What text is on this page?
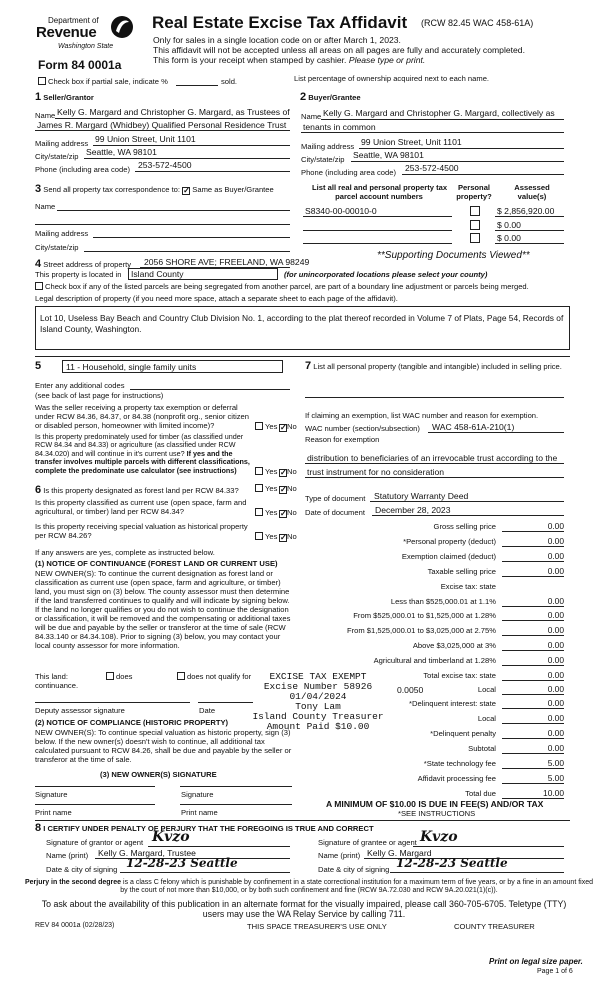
Department of
Revenue
Washington State
Form 84 0001a
Real Estate Excise Tax Affidavit (RCW 82.45 WAC 458-61A)
Only for sales in a single location code on or after March 1, 2023.
This affidavit will not be accepted unless all areas on all pages are fully and accurately completed.
This form is your receipt when stamped by cashier. Please type or print.
Check box if partial sale, indicate %	sold.	List percentage of ownership acquired next to each name.
1 Seller/Grantor
Name Kelly G. Margard and Christopher G. Margard, as Trustees of
James R. Margard (Whidbey) Qualified Personal Residence Trust
Mailing address 99 Union Street, Unit 1101
City/state/zip Seattle, WA 98101
Phone (including area code) 253-572-4500
2 Buyer/Grantee
Name Kelly G. Margard and Christopher G. Margard, collectively as
tenants in common
Mailing address 99 Union Street, Unit 1101
City/state/zip Seattle, WA 98101
Phone (including area code) 253-572-4500
3 Send all property tax correspondence to: ✓ Same as Buyer/Grantee
Name
Mailing address
City/state/zip
List all real and personal property tax
parcel account numbers
Personal
property?
Assessed
value(s)
S8340-00-00010-0	$ 2,856,920.00
$ 0.00
$ 0.00
**Supporting Documents Viewed**
4 Street address of property 2056 SHORE AVE; FREELAND, WA 98249
This property is located in	Island County	(for unincorporated locations please select your county)
Check box if any of the listed parcels are being segregated from another parcel, are part of a boundary line adjustment or parcels being merged.
Legal description of property (if you need more space, attach a separate sheet to each page of the affidavit).
Lot 10, Useless Bay Beach and Country Club Division No. 1, according to the plat thereof recorded in Volume 7 of Plats, Page 54, Records of Island County, Washington.
5	11 - Household, single family units
Enter any additional codes
(see back of last page for instructions)
Was the seller receiving a property tax exemption or deferral under RCW 84.36, 84.37, or 84.38 (nonprofit org., senior citizen or disabled person, homeowner with limited income)?	Yes ✓No
Is this property predominately used for timber (as classified under RCW 84.34 and 84.33) or agriculture (as classified under RCW 84.34.020) and will continue in it's current use? If yes and the transfer involves multiple parcels with different classifications, complete the predominate use calculator (see instructions)	Yes ✓No
6 Is this property designated as forest land per RCW 84.33?	Yes ✓No
Is this property classified as current use (open space, farm and agricultural, or timber) land per RCW 84.34?	Yes ✓No
Is this property receiving special valuation as historical property per RCW 84.26?	Yes ✓No
If any answers are yes, complete as instructed below.
(1) NOTICE OF CONTINUANCE (FOREST LAND OR CURRENT USE)
NEW OWNER(S): To continue the current designation as forest land or classification as current use (open space, farm and agriculture, or timber) land, you must sign on (3) below. The county assessor must then determine if the land transferred continues to qualify and will indicate by signing below. If the land no longer qualifies or you do not wish to continue the designation or classification, it will be removed and the compensating or additional taxes will be due and payable by the seller or transferor at the time of sale (RCW 84.33.140 or 84.34.108). Prior to signing (3) below, you may contact your local county assessor for more information.
This land:	does	does not qualify for
continuance.
Deputy assessor signature	Date
(2) NOTICE OF COMPLIANCE (HISTORIC PROPERTY)
NEW OWNER(S): To continue special valuation as historic property, sign (3) below. If the new owner(s) doesn't wish to continue, all additional tax calculated pursuant to RCW 84.26, shall be due and payable by the seller or transferor at the time of sale.
(3) NEW OWNER(S) SIGNATURE
Signature	Signature
Print name	Print name
7 List all personal property (tangible and intangible) included in selling price.
If claiming an exemption, list WAC number and reason for exemption.
WAC number (section/subsection) WAC 458-61A-210(1)
Reason for exemption
distribution to beneficiaries of an irrevocable trust according to the trust instrument for no consideration
Type of document Statutory Warranty Deed
Date of document December 28, 2023
Gross selling price	0.00
*Personal property (deduct)	0.00
Exemption claimed (deduct)	0.00
Taxable selling price	0.00
Excise tax: state
Less than $525,000.01 at 1.1%	0.00
From $525,000.01 to $1,525,000 at 1.28%	0.00
From $1,525,000.01 to $3,025,000 at 2.75%	0.00
Above $3,025,000 at 3%	0.00
Agricultural and timberland at 1.28%	0.00
Total excise tax: state	0.00
Local	0.00
*Delinquent interest: state	0.00
Local	0.00
*Delinquent penalty	0.00
Subtotal	0.00
*State technology fee	5.00
Affidavit processing fee	5.00
Total due	10.00
0.0050
A MINIMUM OF $10.00 IS DUE IN FEE(S) AND/OR TAX
*SEE INSTRUCTIONS
EXCISE TAX EXEMPT
Excise Number 58926
01/04/2024
Tony Lam
Island County Treasurer
Amount Paid $10.00
8 I CERTIFY UNDER PENALTY OF PERJURY THAT THE FOREGOING IS TRUE AND CORRECT
Signature of grantor or agent Kvzo
Name (print) Kelly G. Margard, Trustee
Date & city of signing 12-28-23 Seattle
Signature of grantee or agent Kvzo
Name (print) Kelly G. Margard
Date & city of signing 12-28-23 Seattle
Perjury in the second degree is a class C felony which is punishable by confinement in a state correctional institution for a maximum term of five years, or by a fine in an amount fixed by the court of not more than $10,000, or by both such confinement and fine (RCW 9A.72.030 and RCW 9A.20.021(1)(c)).
To ask about the availability of this publication in an alternate format for the visually impaired, please call 360-705-6705. Teletype (TTY) users may use the WA Relay Service by calling 711.
REV 84 0001a (02/28/23)	THIS SPACE TREASURER'S USE ONLY	COUNTY TREASURER
Print on legal size paper.
Page 1 of 6
